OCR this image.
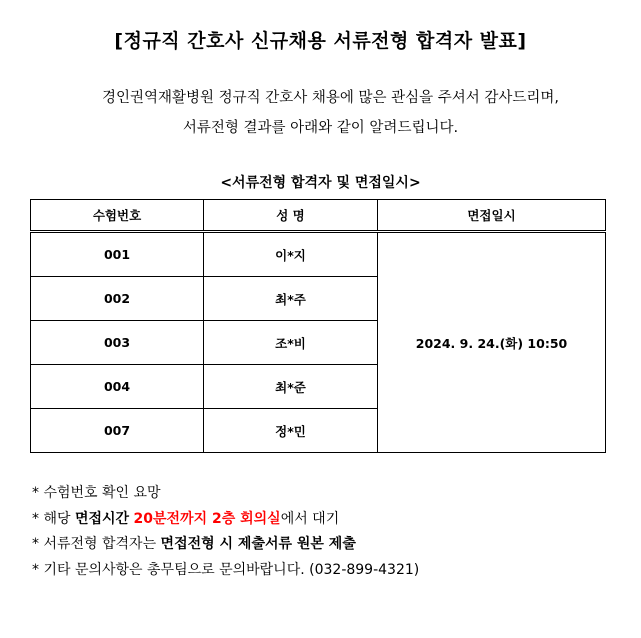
[정규직 간호사 신규채용 서류전형 합격자 발표]
경인권역재활병원 정규직 간호사 채용에 많은 관심을 주셔서 감사드리며,
서류전형 결과를 아래와 같이 알려드립니다.
<서류전형 합격자 및 면접일시>
수험번호	성 명	면접일시
001	이*지	2024. 9. 24.(화) 10:50
002	최*주	
003	조*비	
004	최*준	
007	정*민	
* 수험번호 확인 요망
* 해당 면접시간 20분전까지 2층 회의실에서 대기
* 서류전형 합격자는 면접전형 시 제출서류 원본 제출
* 기타 문의사항은 총무팀으로 문의바랍니다. (032-899-4321)
